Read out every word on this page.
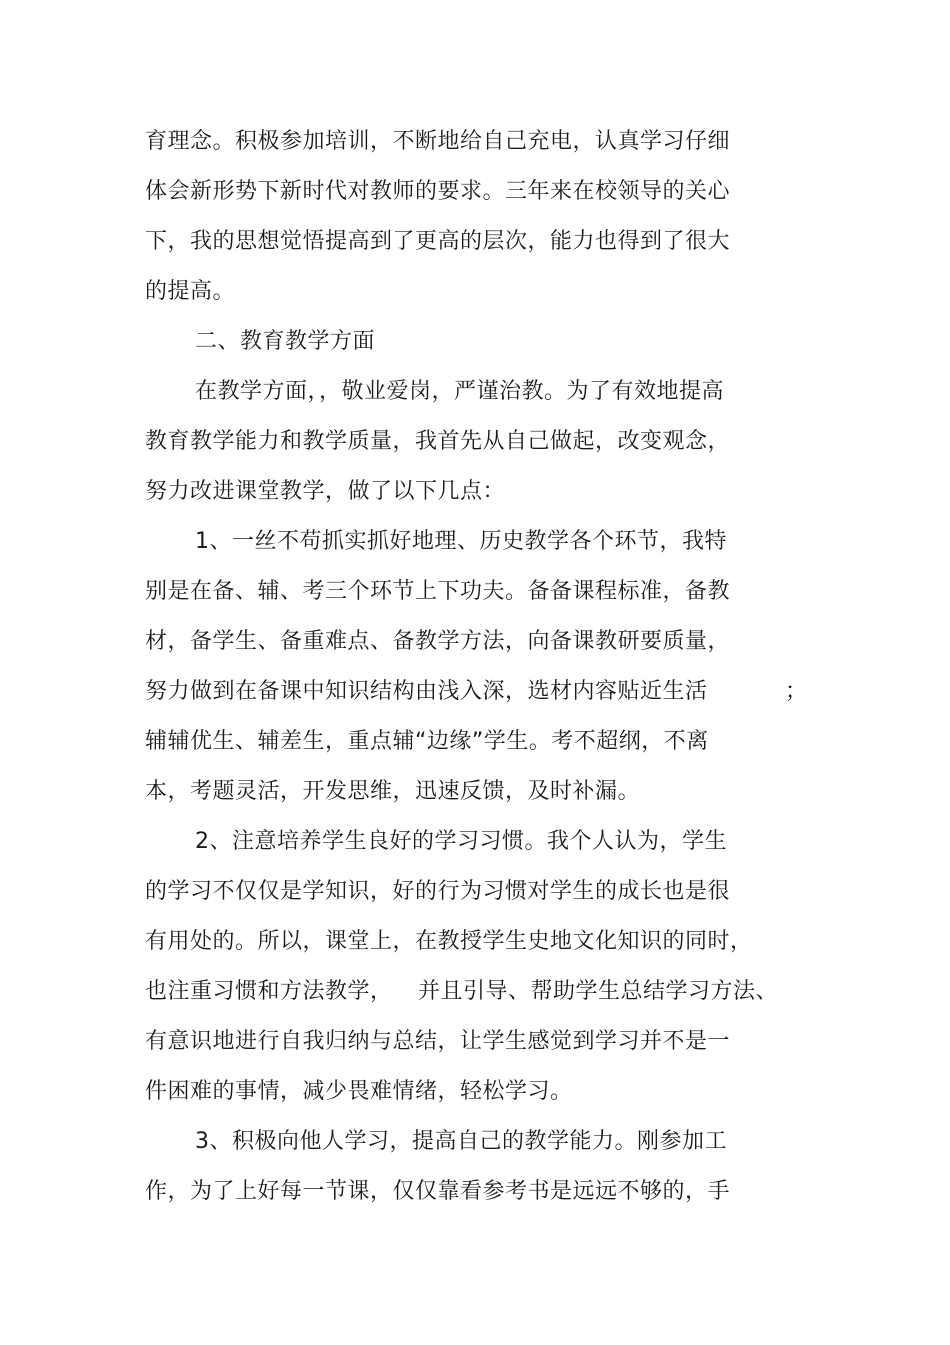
育理念。积极参加培训，不断地给自己充电，认真学习仔细
体会新形势下新时代对教师的要求。三年来在校领导的关心
下，我的思想觉悟提高到了更高的层次，能力也得到了很大
的提高。
二、教育教学方面
在教学方面，，敬业爱岗，严谨治教。为了有效地提高
教育教学能力和教学质量，我首先从自己做起，改变观念，
努力改进课堂教学，做了以下几点：
1、一丝不苟抓实抓好地理、历史教学各个环节，我特
别是在备、辅、考三个环节上下功夫。备备课程标准，备教
材，备学生、备重难点、备教学方法，向备课教研要质量，
努力做到在备课中知识结构由浅入深，选材内容贴近生活	；
辅辅优生、辅差生，重点辅“边缘”学生。考不超纲，不离
本，考题灵活，开发思维，迅速反馈，及时补漏。
2、注意培养学生良好的学习习惯。我个人认为，学生
的学习不仅仅是学知识，好的行为习惯对学生的成长也是很
有用处的。所以，课堂上，在教授学生史地文化知识的同时，
也注重习惯和方法教学， 并且引导、帮助学生总结学习方法、
有意识地进行自我归纳与总结，让学生感觉到学习并不是一
件困难的事情，减少畏难情绪，轻松学习。
3、积极向他人学习，提高自己的教学能力。刚参加工
作，为了上好每一节课，仅仅靠看参考书是远远不够的，手
